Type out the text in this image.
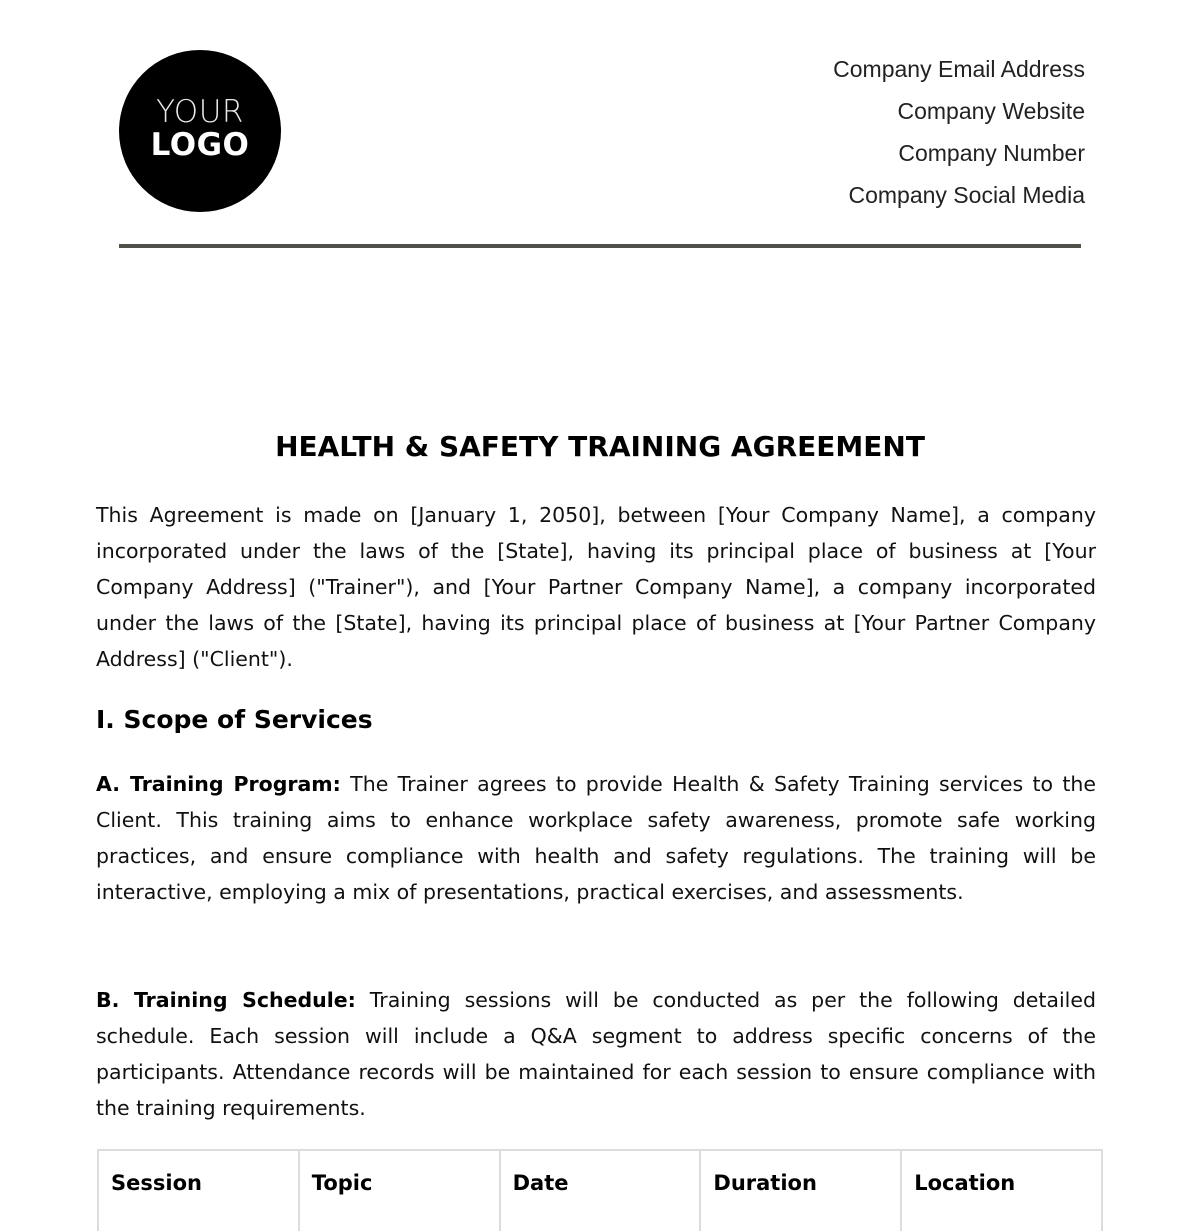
YOUR
LOGO
Company Email Address
Company Website
Company Number
Company Social Media
HEALTH & SAFETY TRAINING AGREEMENT

This Agreement is made on [January 1, 2050], between [Your Company Name], a company incorporated under the laws of the [State], having its principal place of business at [Your Company Address] ("Trainer"), and [Your Partner Company Name], a company incorporated under the laws of the [State], having its principal place of business at [Your Partner Company Address] ("Client").

I. Scope of Services

A. Training Program: The Trainer agrees to provide Health & Safety Training services to the Client. This training aims to enhance workplace safety awareness, promote safe working practices, and ensure compliance with health and safety regulations. The training will be interactive, employing a mix of presentations, practical exercises, and assessments.

B. Training Schedule: Training sessions will be conducted as per the following detailed schedule. Each session will include a Q&A segment to address specific concerns of the participants. Attendance records will be maintained for each session to ensure compliance with the training requirements.

Session	Topic	Date	Duration	Location
